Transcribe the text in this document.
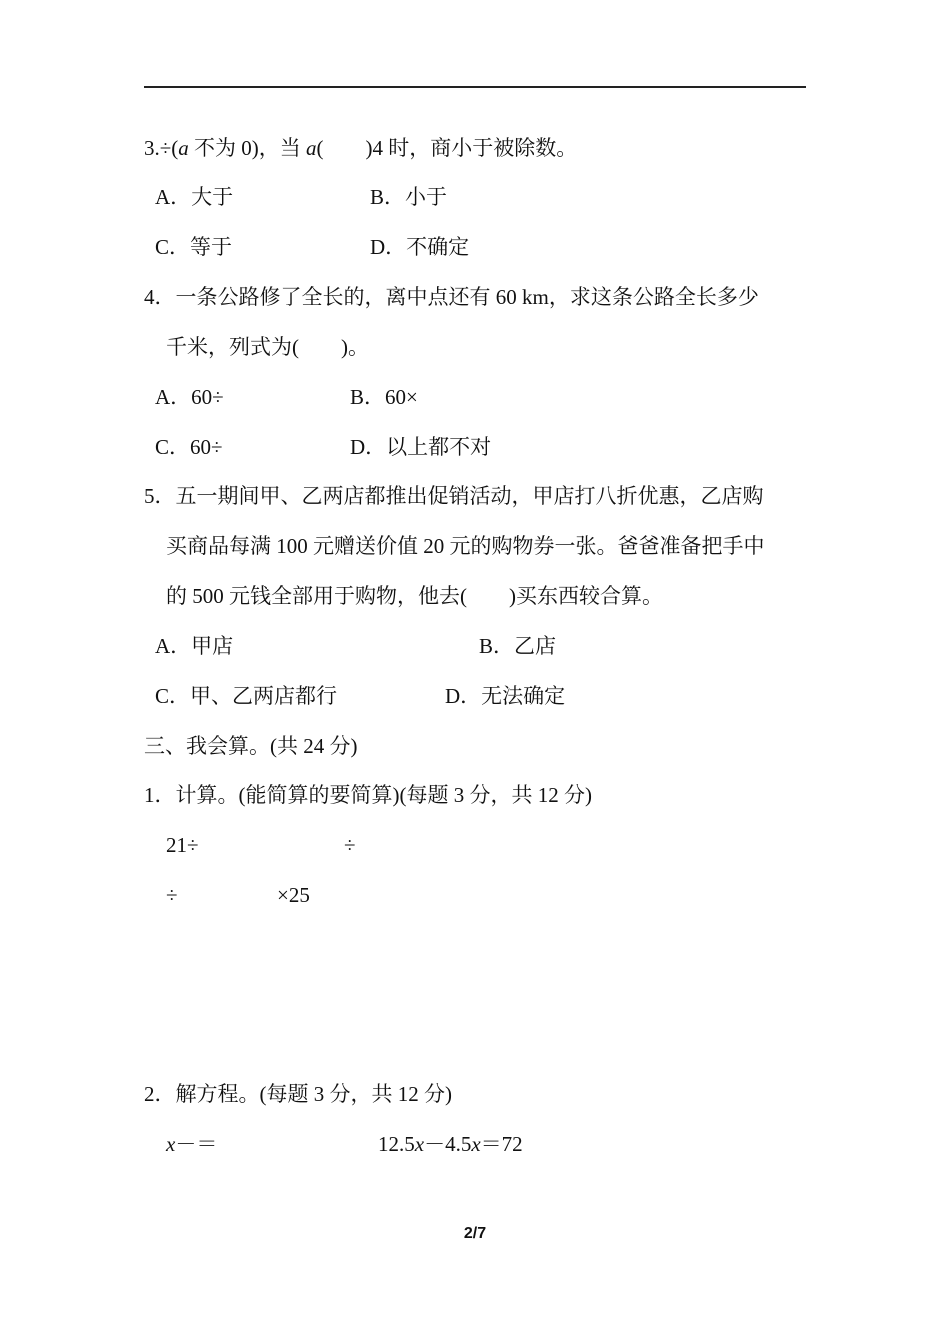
3.÷(a 不为 0)，当 a(　　)4 时，商小于被除数。
A．大于	B．小于
C．等于	D．不确定
4．一条公路修了全长的，离中点还有 60 km，求这条公路全长多少
千米，列式为(　　)。
A．60÷	B．60×
C．60÷	D．以上都不对
5．五一期间甲、乙两店都推出促销活动，甲店打八折优惠，乙店购
买商品每满 100 元赠送价值 20 元的购物券一张。爸爸准备把手中
的 500 元钱全部用于购物，他去(　　)买东西较合算。
A．甲店	B．乙店
C．甲、乙两店都行	D．无法确定
三、我会算。(共 24 分)
1．计算。(能简算的要简算)(每题 3 分，共 12 分)
21÷	÷
÷	×25
2．解方程。(每题 3 分，共 12 分)
x－＝	12.5x－4.5x＝72
2/7
